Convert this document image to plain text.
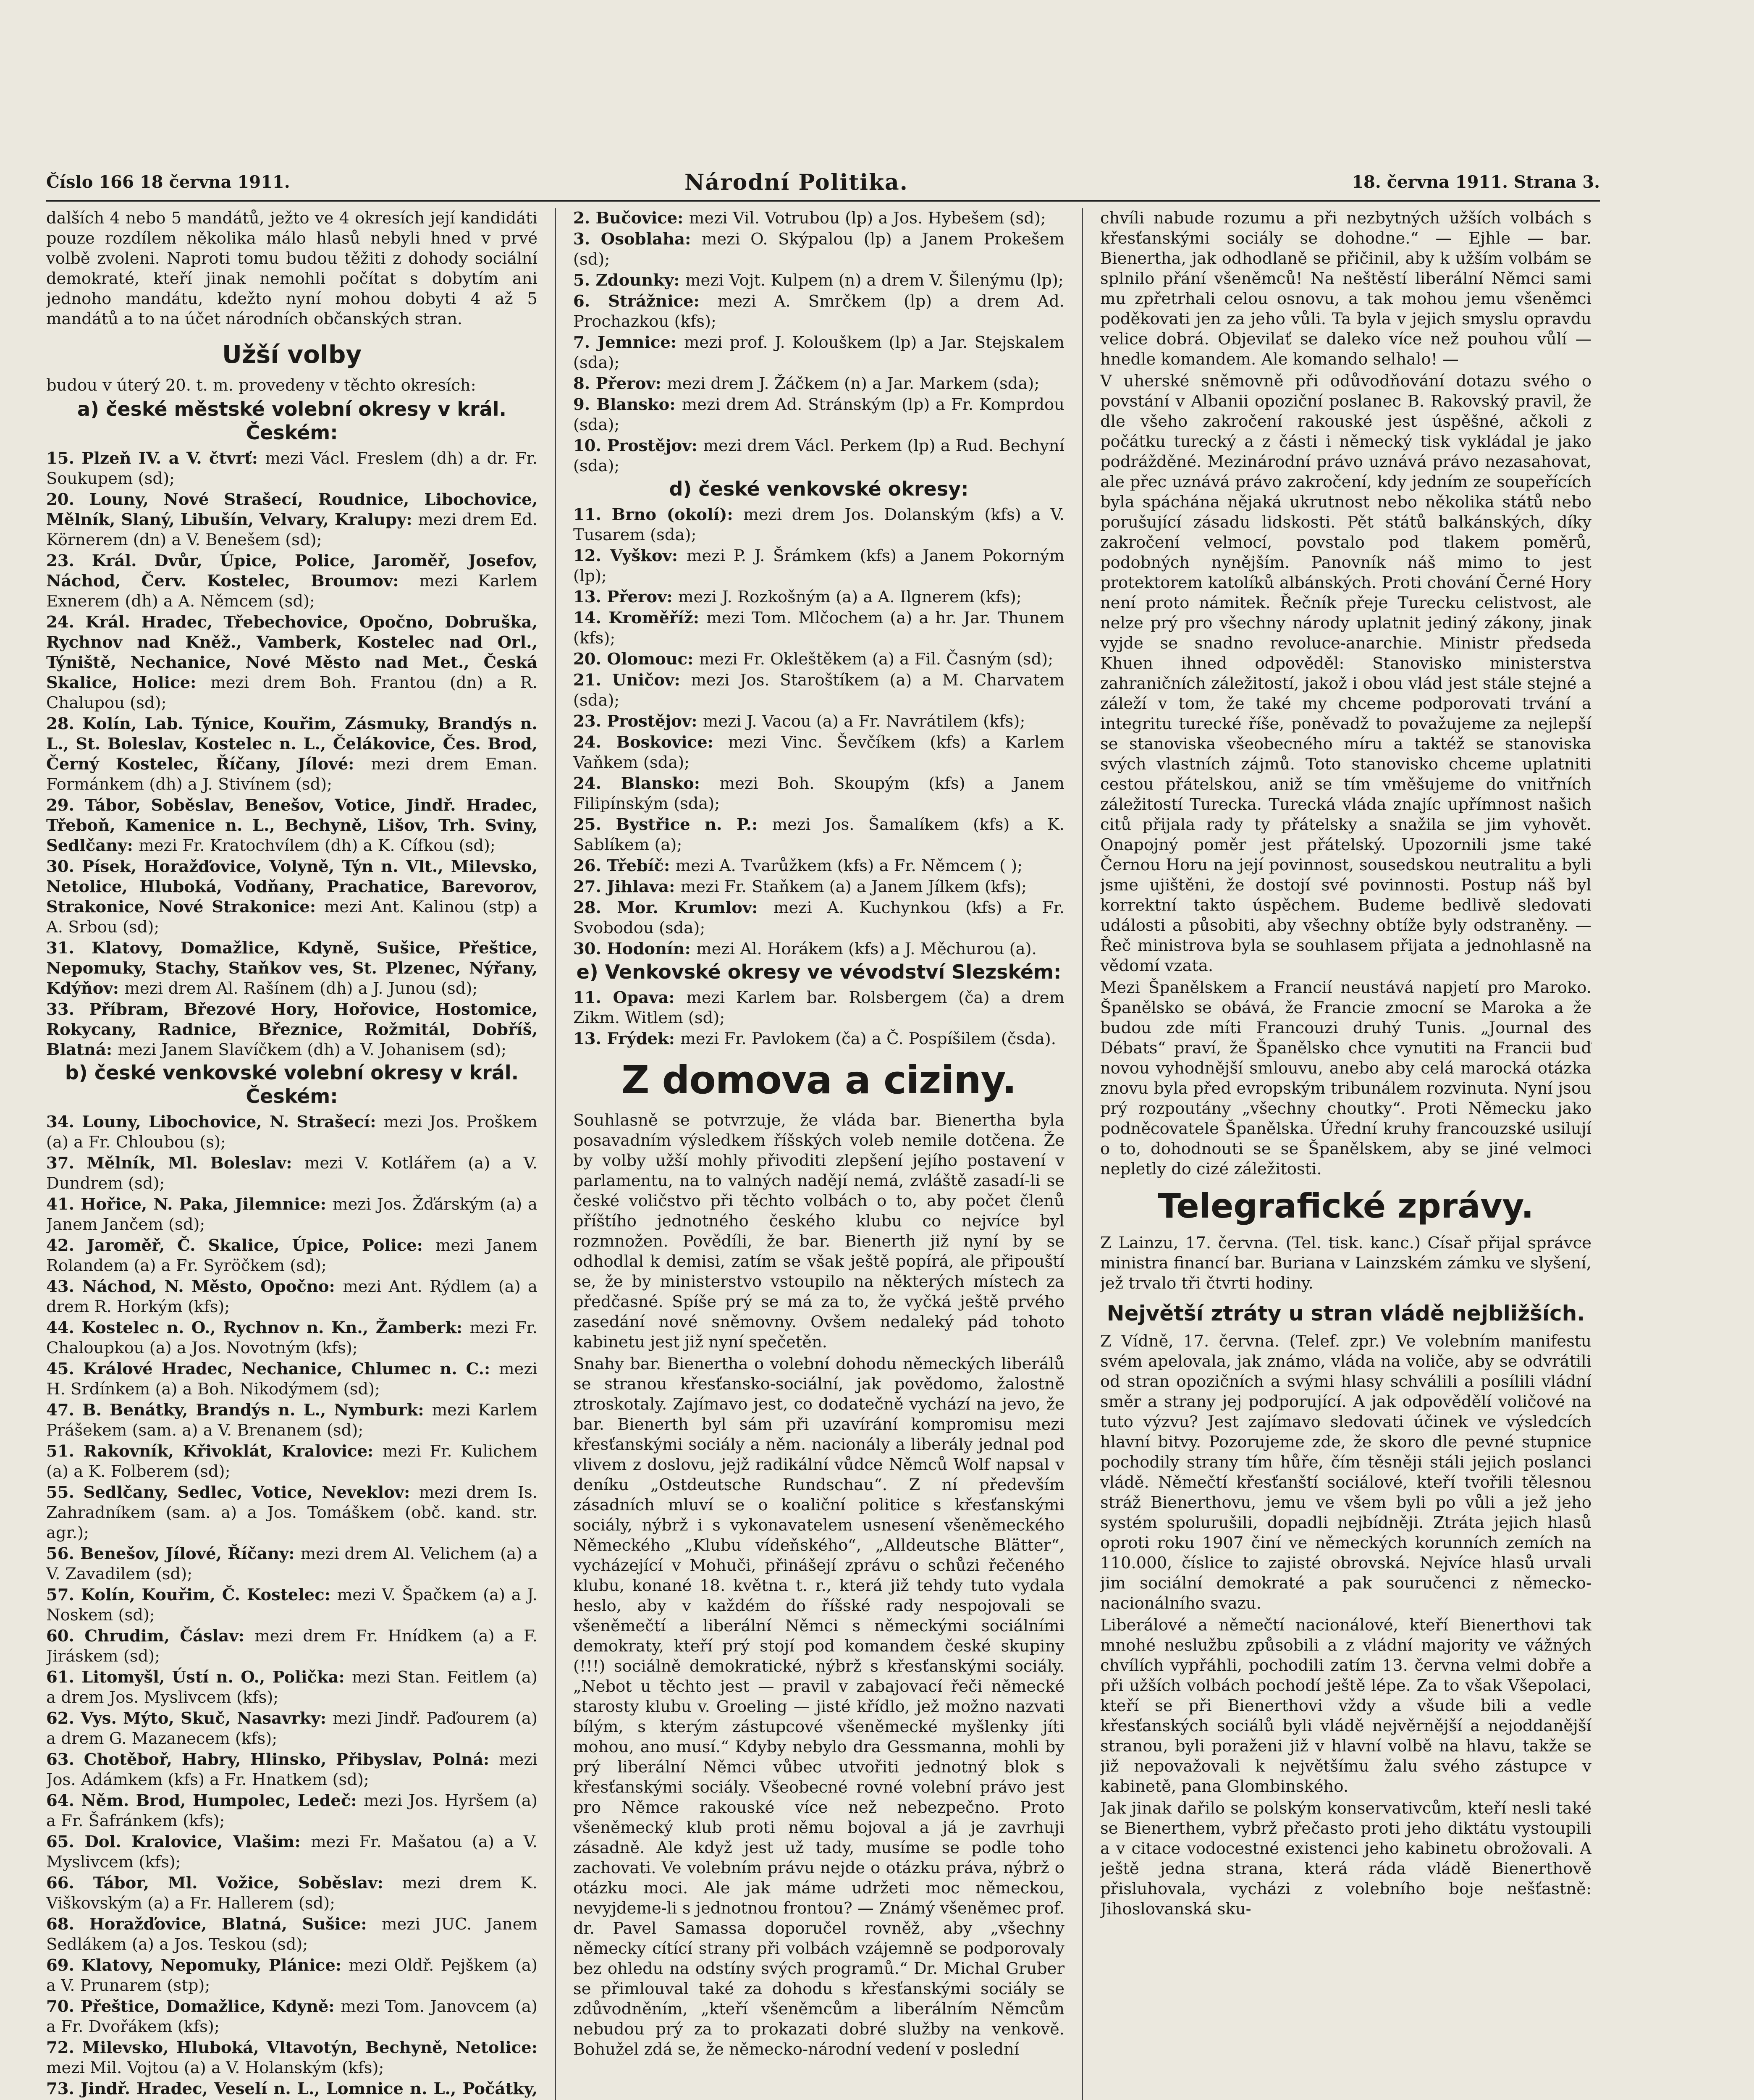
Číslo 166 18 června 1911.	Národní Politika.	18. června 1911. Strana 3.

dalších 4 nebo 5 mandátů, ježto ve 4 okresích její kandidáti pouze rozdílem několika málo hlasů nebyli hned v prvé volbě zvoleni. Naproti tomu budou těžiti z dohody sociální demokraté, kteří jinak nemohli počítat s dobytím ani jednoho mandátu, kdežto nyní mohou dobyti 4 až 5 mandátů a to na účet národních občanských stran.

Užší volby

budou v úterý 20. t. m. provedeny v těchto okresích:

a) české městské volební okresy v král. Českém:

15. Plzeň IV. a V. čtvrť: mezi Václ. Freslem (dh) a dr. Fr. Soukupem (sd);

20. Louny, Nové Strašecí, Roudnice, Libochovice, Mělník, Slaný, Libušín, Velvary, Kralupy: mezi drem Ed. Körnerem (dn) a V. Benešem (sd);

23. Král. Dvůr, Úpice, Police, Jaroměř, Josefov, Náchod, Červ. Kostelec, Broumov: mezi Karlem Exnerem (dh) a A. Němcem (sd);

24. Král. Hradec, Třebechovice, Opočno, Dobruška, Rychnov nad Kněž., Vamberk, Kostelec nad Orl., Týniště, Nechanice, Nové Město nad Met., Česká Skalice, Holice: mezi drem Boh. Frantou (dn) a R. Chalupou (sd);

28. Kolín, Lab. Týnice, Kouřim, Zásmuky, Brandýs n. L., St. Boleslav, Kostelec n. L., Čelákovice, Čes. Brod, Černý Kostelec, Říčany, Jílové: mezi drem Eman. Formánkem (dh) a J. Stivínem (sd);

29. Tábor, Soběslav, Benešov, Votice, Jindř. Hradec, Třeboň, Kamenice n. L., Bechyně, Lišov, Trh. Sviny, Sedlčany: mezi Fr. Kratochvílem (dh) a K. Cífkou (sd);

30. Písek, Horažďovice, Volyně, Týn n. Vlt., Milevsko, Netolice, Hluboká, Vodňany, Prachatice, Barevorov, Strakonice, Nové Strakonice: mezi Ant. Kalinou (stp) a A. Srbou (sd);

31. Klatovy, Domažlice, Kdyně, Sušice, Přeštice, Nepomuky, Stachy, Staňkov ves, St. Plzenec, Nýřany, Kdýňov: mezi drem Al. Rašínem (dh) a J. Junou (sd);

33. Příbram, Březové Hory, Hořovice, Hostomice, Rokycany, Radnice, Březnice, Rožmitál, Dobříš, Blatná: mezi Janem Slavíčkem (dh) a V. Johanisem (sd);

b) české venkovské volební okresy v král. Českém:

34. Louny, Libochovice, N. Strašecí: mezi Jos. Proškem (a) a Fr. Chloubou (s);

37. Mělník, Ml. Boleslav: mezi V. Kotlářem (a) a V. Dundrem (sd);

41. Hořice, N. Paka, Jilemnice: mezi Jos. Žďárským (a) a Janem Jančem (sd);

42. Jaroměř, Č. Skalice, Úpice, Police: mezi Janem Rolandem (a) a Fr. Syröčkem (sd);

43. Náchod, N. Město, Opočno: mezi Ant. Rýdlem (a) a drem R. Horkým (kfs);

44. Kostelec n. O., Rychnov n. Kn., Žamberk: mezi Fr. Chaloupkou (a) a Jos. Novotným (kfs);

45. Králové Hradec, Nechanice, Chlumec n. C.: mezi H. Srdínkem (a) a Boh. Nikodýmem (sd);

47. B. Benátky, Brandýs n. L., Nymburk: mezi Karlem Prášekem (sam. a) a V. Brenanem (sd);

51. Rakovník, Křivoklát, Kralovice: mezi Fr. Kulichem (a) a K. Folberem (sd);

55. Sedlčany, Sedlec, Votice, Neveklov: mezi drem Is. Zahradníkem (sam. a) a Jos. Tomáškem (obč. kand. str. agr.);

56. Benešov, Jílové, Říčany: mezi drem Al. Velichem (a) a V. Zavadilem (sd);

57. Kolín, Kouřim, Č. Kostelec: mezi V. Špačkem (a) a J. Noskem (sd);

60. Chrudim, Čáslav: mezi drem Fr. Hnídkem (a) a F. Jiráskem (sd);

61. Litomyšl, Ústí n. O., Polička: mezi Stan. Feitlem (a) a drem Jos. Myslivcem (kfs);

62. Vys. Mýto, Skuč, Nasavrky: mezi Jindř. Paďourem (a) a drem G. Mazanecem (kfs);

63. Chotěboř, Habry, Hlinsko, Přibyslav, Polná: mezi Jos. Adámkem (kfs) a Fr. Hnatkem (sd);

64. Něm. Brod, Humpolec, Ledeč: mezi Jos. Hyršem (a) a Fr. Šafránkem (kfs);

65. Dol. Kralovice, Vlašim: mezi Fr. Mašatou (a) a V. Myslivcem (kfs);

66. Tábor, Ml. Vožice, Soběslav: mezi drem K. Viškovským (a) a Fr. Hallerem (sd);

68. Horažďovice, Blatná, Sušice: mezi JUC. Janem Sedlákem (a) a Jos. Teskou (sd);

69. Klatovy, Nepomuky, Plánice: mezi Oldř. Pejškem (a) a V. Prunarem (stp);

70. Přeštice, Domažlice, Kdyně: mezi Tom. Janovcem (a) a Fr. Dvořákem (kfs);

72. Milevsko, Hluboká, Vltavotýn, Bechyně, Netolice: mezi Mil. Vojtou (a) a V. Holanským (kfs);

73. Jindř. Hradec, Veselí n. L., Lomnice n. L., Počátky,

2. Bučovice: mezi Vil. Votrubou (lp) a Jos. Hybešem (sd);

3. Osoblaha: mezi O. Skýpalou (lp) a Janem Prokešem (sd);

5. Zdounky: mezi Vojt. Kulpem (n) a drem V. Šilenýmu (lp);

6. Strážnice: mezi A. Smrčkem (lp) a drem Ad. Prochazkou (kfs);

7. Jemnice: mezi prof. J. Kolouškem (lp) a Jar. Stejskalem (sda);

8. Přerov: mezi drem J. Žáčkem (n) a Jar. Markem (sda);

9. Blansko: mezi drem Ad. Stránským (lp) a Fr. Komprdou (sda);

10. Prostějov: mezi drem Václ. Perkem (lp) a Rud. Bechyní (sda);

d) české venkovské okresy:

11. Brno (okolí): mezi drem Jos. Dolanským (kfs) a V. Tusarem (sda);

12. Vyškov: mezi P. J. Šrámkem (kfs) a Janem Pokorným (lp);

13. Přerov: mezi J. Rozkošným (a) a A. Ilgnerem (kfs);

14. Kroměříž: mezi Tom. Mlčochem (a) a hr. Jar. Thunem (kfs);

20. Olomouc: mezi Fr. Okleštěkem (a) a Fil. Časným (sd);

21. Uničov: mezi Jos. Staroštíkem (a) a M. Charvatem (sda);

23. Prostějov: mezi J. Vacou (a) a Fr. Navrátilem (kfs);

24. Boskovice: mezi Vinc. Ševčíkem (kfs) a Karlem Vaňkem (sda);

24. Blansko: mezi Boh. Skoupým (kfs) a Janem Filipínským (sda);

25. Bystřice n. P.: mezi Jos. Šamalíkem (kfs) a K. Sablíkem (a);

26. Třebíč: mezi A. Tvarůžkem (kfs) a Fr. Němcem ( );

27. Jihlava: mezi Fr. Staňkem (a) a Janem Jílkem (kfs);

28. Mor. Krumlov: mezi A. Kuchynkou (kfs) a Fr. Svobodou (sda);

30. Hodonín: mezi Al. Horákem (kfs) a J. Měchurou (a).

e) Venkovské okresy ve vévodství Slezském:

11. Opava: mezi Karlem bar. Rolsbergem (ča) a drem Zikm. Witlem (sd);

13. Frýdek: mezi Fr. Pavlokem (ča) a Č. Pospíšilem (čsda).

Z domova a ciziny.

Souhlasně se potvrzuje, že vláda bar. Bienertha byla posavadním výsledkem říšských voleb nemile dotčena. Že by volby užší mohly přivoditi zlepšení jejího postavení v parlamentu, na to valných nadějí nemá, zvláště zasadí-li se české voličstvo při těchto volbách o to, aby počet členů příštího jednotného českého klubu co nejvíce byl rozmnožen. Povědíli, že bar. Bienerth již nyní by se odhodlal k demisi, zatím se však ještě popírá, ale připouští se, že by ministerstvo vstoupilo na některých místech za předčasné. Spíše prý se má za to, že vyčká ještě prvého zasedání nové sněmovny. Ovšem nedaleký pád tohoto kabinetu jest již nyní spečetěn.

Snahy bar. Bienertha o volební dohodu německých liberálů se stranou křesťansko-sociální, jak povědomo, žalostně ztroskotaly. Zajímavo jest, co dodatečně vychází na jevo, že bar. Bienerth byl sám při uzavírání kompromisu mezi křesťanskými sociály a něm. nacionály a liberály jednal pod vlivem z doslovu, jejž radikální vůdce Němců Wolf napsal v deníku „Ostdeutsche Rundschau“. Z ní především zásadních mluví se o koaliční politice s křesťanskými sociály, nýbrž i s vykonavatelem usnesení všeněmeckého Německého „Klubu vídeňského“, „Alldeutsche Blätter“, vycházející v Mohuči, přinášejí zprávu o schůzi řečeného klubu, konané 18. května t. r., která již tehdy tuto vydala heslo, aby v každém do říšské rady nespojovali se všeněmečtí a liberální Němci s německými sociálními demokraty, kteří prý stojí pod komandem české skupiny (!!!) sociálně demokratické, nýbrž s křesťanskými sociály. „Nebot u těchto jest — pravil v zabajovací řeči německé starosty klubu v. Groeling — jisté křídlo, jež možno nazvati bílým, s kterým zástupcové všeněmecké myšlenky jíti mohou, ano musí.“ Kdyby nebylo dra Gessmanna, mohli by prý liberální Němci vůbec utvořiti jednotný blok s křesťanskými sociály. Všeobecné rovné volební právo jest pro Němce rakouské více než nebezpečno. Proto všeněmecký klub proti němu bojoval a já je zavrhuji zásadně. Ale když jest už tady, musíme se podle toho zachovati. Ve volebním právu nejde o otázku práva, nýbrž o otázku moci. Ale jak máme udržeti moc německou, nevyjdeme-li s jednotnou frontou? — Známý všeněmec prof. dr. Pavel Samassa doporučel rovněž, aby „všechny německy cítící strany při volbách vzájemně se podporovaly bez ohledu na odstíny svých programů.“ Dr. Michal Gruber se přimlouval také za dohodu s křesťanskými sociály se zdůvodněním, „kteří všeněmcům a liberálním Němcům nebudou prý za to prokazati dobré služby na venkově. Bohužel zdá se, že německo-národní vedení v poslední

chvíli nabude rozumu a při nezbytných užších volbách s křesťanskými sociály se dohodne.“ — Ejhle — bar. Bienertha, jak odhodlaně se přičinil, aby k užším volbám se splnilo přání všeněmců! Na neštěstí liberální Němci sami mu zpřetrhali celou osnovu, a tak mohou jemu všeněmci poděkovati jen za jeho vůli. Ta byla v jejich smyslu opravdu velice dobrá. Objevilať se daleko více než pouhou vůlí — hnedle komandem. Ale komando selhalo! —

V uherské sněmovně při odůvodňování dotazu svého o povstání v Albanii opoziční poslanec B. Rakovský pravil, že dle všeho zakročení rakouské jest úspěšné, ačkoli z počátku turecký a z části i německý tisk vykládal je jako podrážděné. Mezinárodní právo uznává právo nezasahovat, ale přec uznává právo zakročení, kdy jedním ze soupeřících byla spáchána nějaká ukrutnost nebo několika států nebo porušující zásadu lidskosti. Pět států balkánských, díky zakročení velmocí, povstalo pod tlakem poměrů, podobných nynějším. Panovník náš mimo to jest protektorem katolíků albánských. Proti chování Černé Hory není proto námitek. Řečník přeje Turecku celistvost, ale nelze prý pro všechny národy uplatnit jediný zákony, jinak vyjde se snadno revoluce-anarchie. Ministr předseda Khuen ihned odpověděl: Stanovisko ministerstva zahraničních záležitostí, jakož i obou vlád jest stále stejné a záleží v tom, že také my chceme podporovati trvání a integritu turecké říše, poněvadž to považujeme za nejlepší se stanoviska všeobecného míru a taktéž se stanoviska svých vlastních zájmů. Toto stanovisko chceme uplatniti cestou přátelskou, aniž se tím vměšujeme do vnitřních záležitostí Turecka. Turecká vláda znajíc upřímnost našich citů přijala rady ty přátelsky a snažila se jim vyhovět. Onapojný poměr jest přátelský. Upozornili jsme také Černou Horu na její povinnost, sousedskou neutralitu a byli jsme ujištěni, že dostojí své povinnosti. Postup náš byl korrektní takto úspěchem. Budeme bedlivě sledovati události a působiti, aby všechny obtíže byly odstraněny. — Řeč ministrova byla se souhlasem přijata a jednohlasně na vědomí vzata.

Mezi Španělskem a Francií neustává napjetí pro Maroko. Španělsko se obává, že Francie zmocní se Maroka a že budou zde míti Francouzi druhý Tunis. „Journal des Débats“ praví, že Španělsko chce vynutiti na Francii buď novou vyhodnější smlouvu, anebo aby celá marocká otázka znovu byla před evropským tribunálem rozvinuta. Nyní jsou prý rozpoutány „všechny choutky“. Proti Německu jako podněcovatele Španělska. Úřední kruhy francouzské usilují o to, dohodnouti se se Španělskem, aby se jiné velmoci nepletly do cizé záležitosti.

Telegrafické zprávy.

Z Lainzu, 17. června. (Tel. tisk. kanc.) Císař přijal správce ministra financí bar. Buriana v Lainzském zámku ve slyšení, jež trvalo tři čtvrti hodiny.

Největší ztráty u stran vládě nejbližších.

Z Vídně, 17. června. (Telef. zpr.) Ve volebním manifestu svém apelovala, jak známo, vláda na voliče, aby se odvrátili od stran opozičních a svými hlasy schválili a posílili vládní směr a strany jej podporující. A jak odpovědělí voličové na tuto výzvu? Jest zajímavo sledovati účinek ve výsledcích hlavní bitvy. Pozorujeme zde, že skoro dle pevné stupnice pochodily strany tím hůře, čím těsněji stáli jejich poslanci vládě. Němečtí křesťanští sociálové, kteří tvořili tělesnou stráž Bienerthovu, jemu ve všem byli po vůli a jež jeho systém spolurušili, dopadli nejbídněji. Ztráta jejich hlasů oproti roku 1907 činí ve německých korunních zemích na 110.000, číslice to zajisté obrovská. Nejvíce hlasů urvali jim sociální demokraté a pak souručenci z německo-nacionálního svazu.

Liberálové a němečtí nacionálové, kteří Bienerthovi tak mnohé neslužbu způsobili a z vládní majority ve vážných chvílích vypřáhli, pochodili zatím 13. června velmi dobře a při užších volbách pochodí ještě lépe. Za to však Všepolaci, kteří se při Bienerthovi vždy a všude bili a vedle křesťanských sociálů byli vládě nejvěrnější a nejoddanější stranou, byli poraženi již v hlavní volbě na hlavu, takže se již nepovažovali k největšímu žalu svého zástupce v kabinetě, pana Glombinského.

Jak jinak dařilo se polským konservativcům, kteří nesli také se Bienerthem, vybrž přečasto proti jeho diktátu vystoupili a v citace vodocestné existenci jeho kabinetu obrožovali. A ještě jedna strana, která ráda vládě Bienerthově přisluhovala, vycházi z volebního boje nešťastně: Jihoslovanská sku-
